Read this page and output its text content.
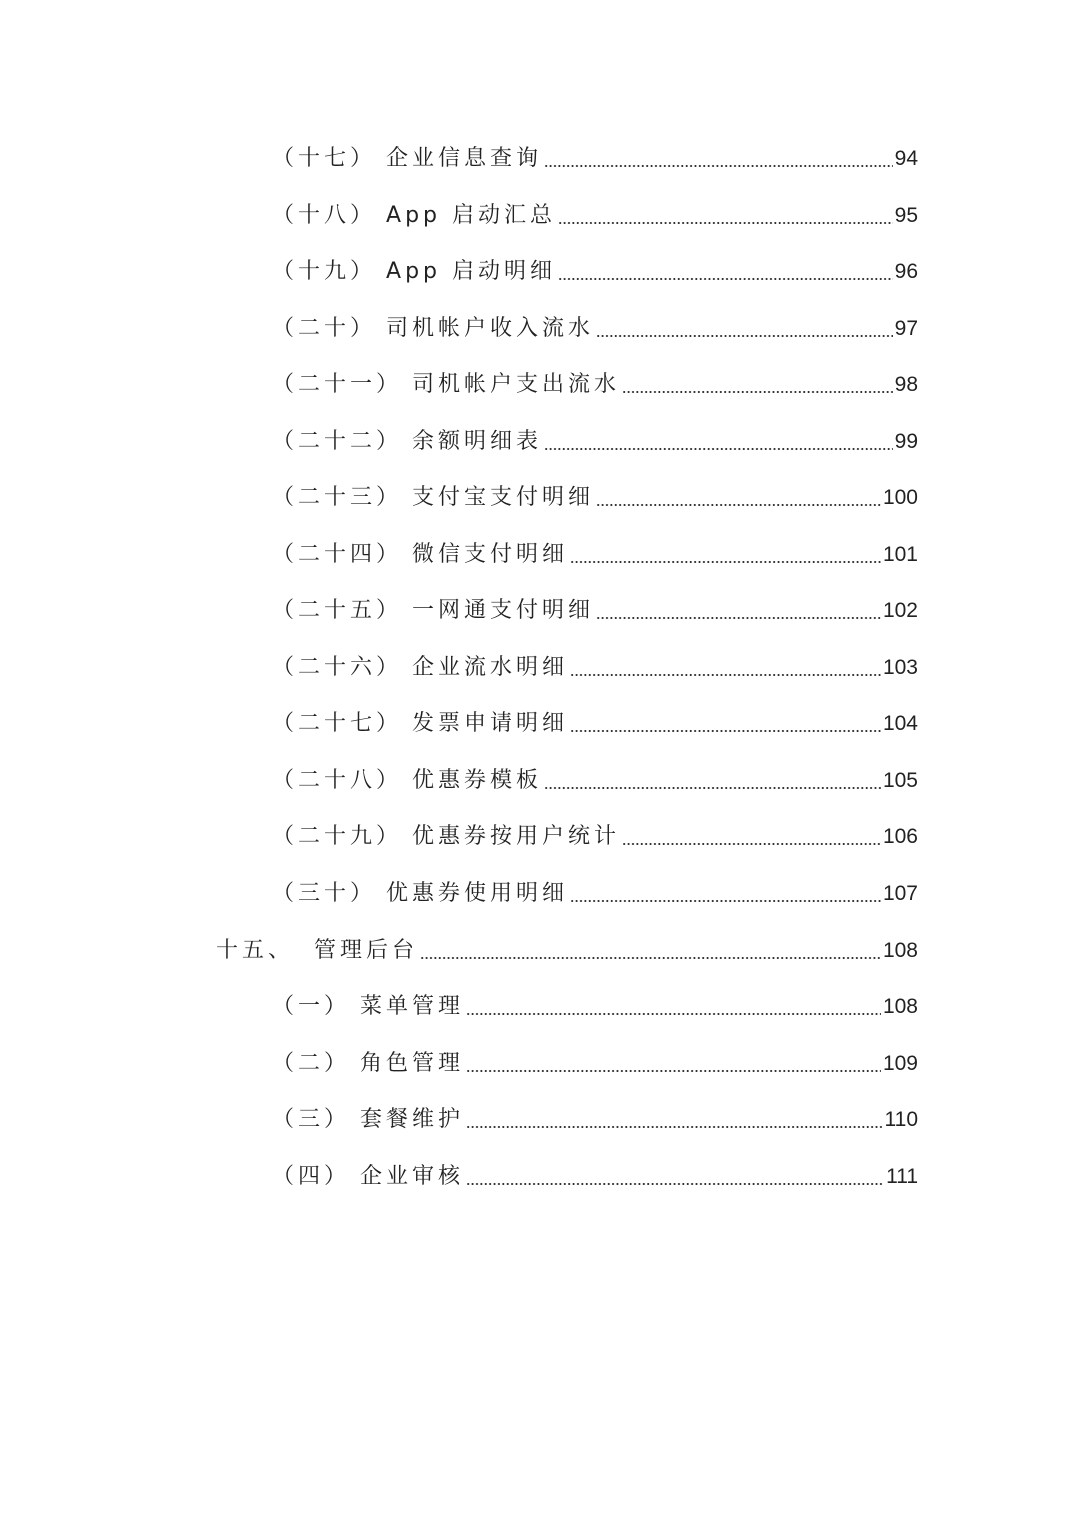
（十七） 企业信息查询	94
（十八） App 启动汇总	95
（十九） App 启动明细	96
（二十） 司机帐户收入流水	97
（二十一） 司机帐户支出流水	98
（二十二） 余额明细表	99
（二十三） 支付宝支付明细	100
（二十四） 微信支付明细	101
（二十五） 一网通支付明细	102
（二十六） 企业流水明细	103
（二十七） 发票申请明细	104
（二十八） 优惠券模板	105
（二十九） 优惠券按用户统计	106
（三十） 优惠券使用明细	107
十五、 管理后台	108
（一） 菜单管理	108
（二） 角色管理	109
（三） 套餐维护	110
（四） 企业审核	111
